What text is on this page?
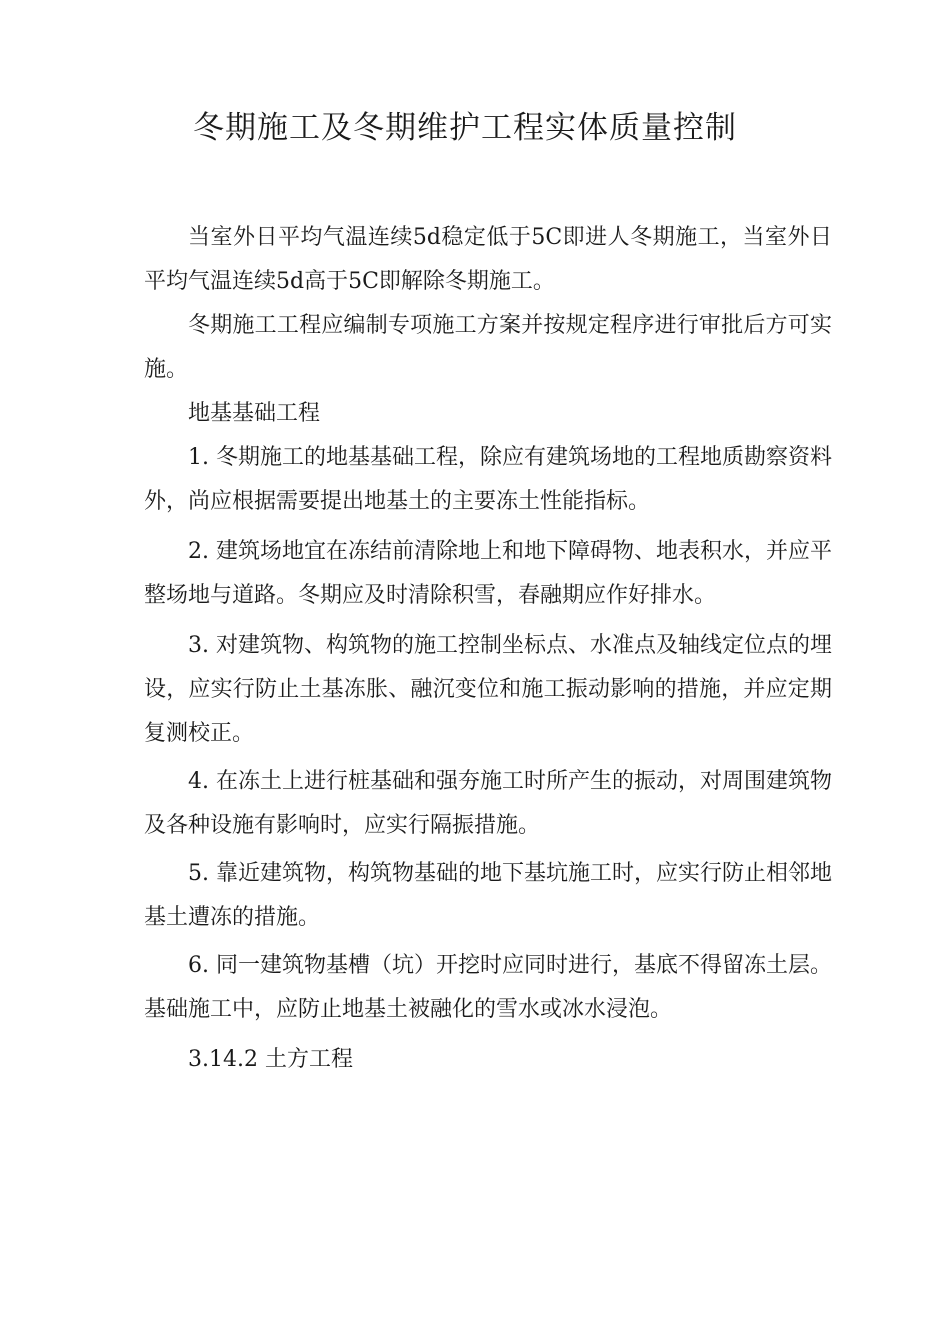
冬期施工及冬期维护工程实体质量控制

当室外日平均气温连续5d稳定低于5C即进人冬期施工，当室外日平均气温连续5d高于5C即解除冬期施工。

冬期施工工程应编制专项施工方案并按规定程序进行审批后方可实施。

地基基础工程

1. 冬期施工的地基基础工程，除应有建筑场地的工程地质勘察资料外，尚应根据需要提出地基土的主要冻土性能指标。

2. 建筑场地宜在冻结前清除地上和地下障碍物、地表积水，并应平整场地与道路。冬期应及时清除积雪，春融期应作好排水。

3. 对建筑物、构筑物的施工控制坐标点、水准点及轴线定位点的埋设，应实行防止土基冻胀、融沉变位和施工振动影响的措施，并应定期复测校正。

4. 在冻土上进行桩基础和强夯施工时所产生的振动，对周围建筑物及各种设施有影响时，应实行隔振措施。

5. 靠近建筑物，构筑物基础的地下基坑施工时，应实行防止相邻地基土遭冻的措施。

6. 同一建筑物基槽（坑）开挖时应同时进行，基底不得留冻土层。基础施工中，应防止地基土被融化的雪水或冰水浸泡。

3.14.2 土方工程
